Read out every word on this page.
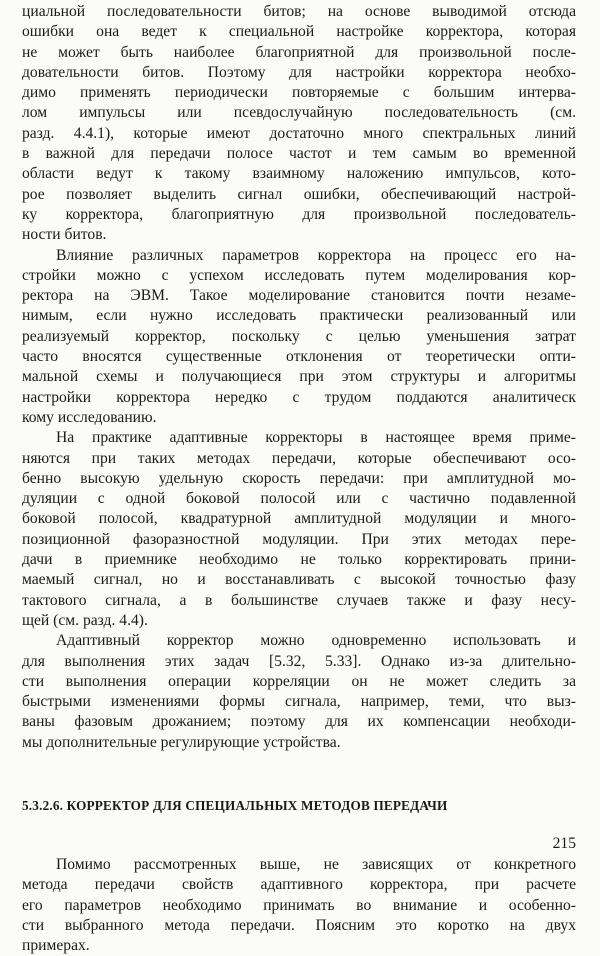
циальной последовательности битов; на основе выводимой отсюда
ошибки она ведет к специальной настройке корректора, которая
не может быть наиболее благоприятной для произвольной после-
довательности битов. Поэтому для настройки корректора необхо-
димо применять периодически повторяемые с большим интерва-
лом импульсы или псевдослучайную последовательность (см.
разд. 4.4.1), которые имеют достаточно много спектральных линий
в важной для передачи полосе частот и тем самым во временной
области ведут к такому взаимному наложению импульсов, кото-
рое позволяет выделить сигнал ошибки, обеспечивающий настрой-
ку корректора, благоприятную для произвольной последователь-
ности битов.
Влияние различных параметров корректора на процесс его на-
стройки можно с успехом исследовать путем моделирования кор-
ректора на ЭВМ. Такое моделирование становится почти незаме-
нимым, если нужно исследовать практически реализованный или
реализуемый корректор, поскольку с целью уменьшения затрат
часто вносятся существенные отклонения от теоретически опти-
мальной схемы и получающиеся при этом структуры и алгоритмы
настройки корректора нередко с трудом поддаются аналитическ
кому исследованию.
На практике адаптивные корректоры в настоящее время приме-
няются при таких методах передачи, которые обеспечивают осо-
бенно высокую удельную скорость передачи: при амплитудной мо-
дуляции с одной боковой полосой или с частично подавленной
боковой полосой, квадратурной амплитудной модуляции и много-
позиционной фазоразностной модуляции. При этих методах пере-
дачи в приемнике необходимо не только корректировать прини-
маемый сигнал, но и восстанавливать с высокой точностью фазу
тактового сигнала, а в большинстве случаев также и фазу несу-
щей (см. разд. 4.4).
Адаптивный корректор можно одновременно использовать и
для выполнения этих задач [5.32, 5.33]. Однако из-за длительно-
сти выполнения операции корреляции он не может следить за
быстрыми изменениями формы сигнала, например, теми, что выз-
ваны фазовым дрожанием; поэтому для их компенсации необходи-
мы дополнительные регулирующие устройства.
5.3.2.6. КОРРЕКТОР ДЛЯ СПЕЦИАЛЬНЫХ МЕТОДОВ ПЕРЕДАЧИ
Помимо рассмотренных выше, не зависящих от конкретного
метода передачи свойств адаптивного корректора, при расчете
его параметров необходимо принимать во внимание и особенно-
сти выбранного метода передачи. Поясним это коротко на двух
примерах.
215
